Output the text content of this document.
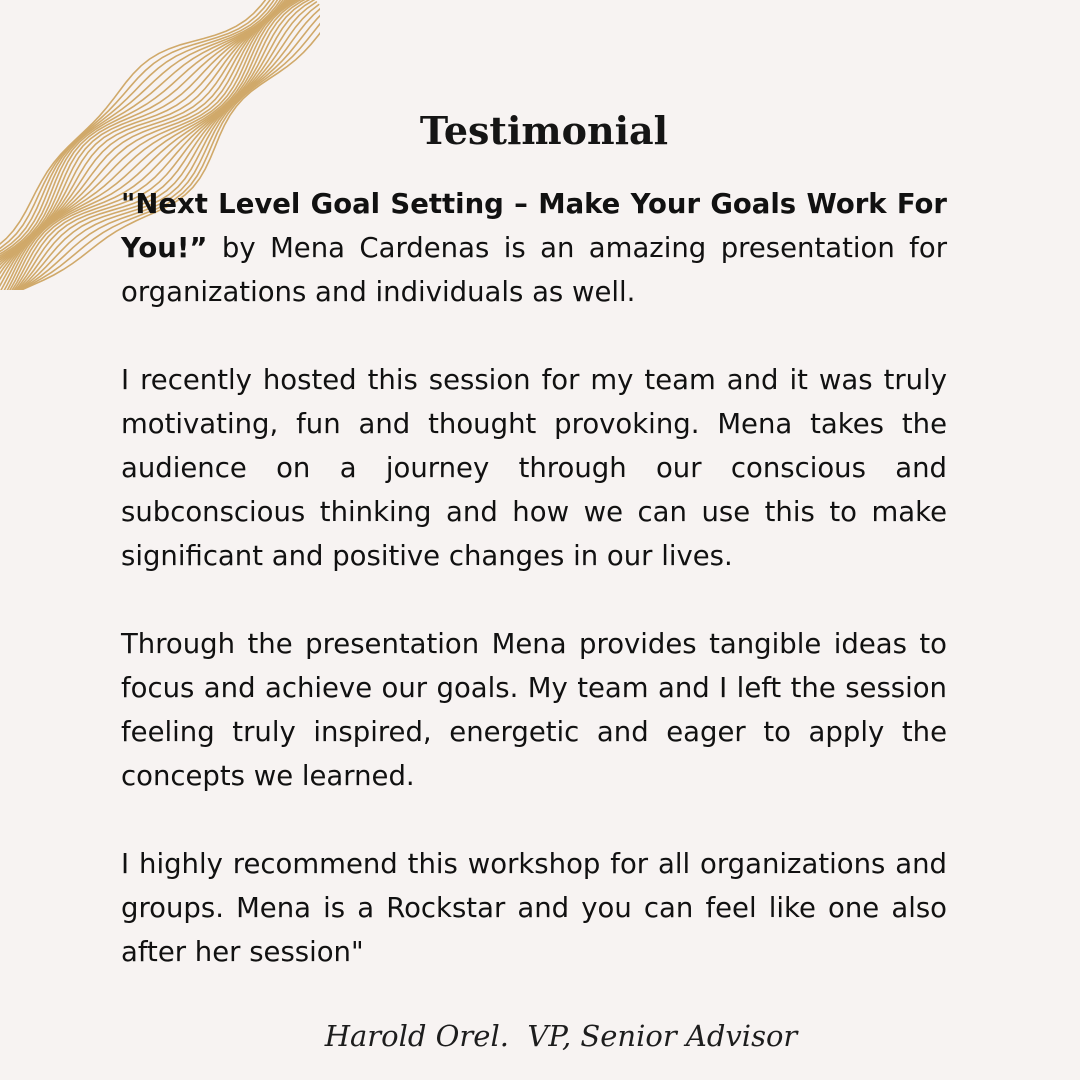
Testimonial

"Next Level Goal Setting – Make Your Goals Work For You!” by Mena Cardenas is an amazing presentation for organizations and individuals as well.

I recently hosted this session for my team and it was truly motivating, fun and thought provoking. Mena takes the audience on a journey through our conscious and subconscious thinking and how we can use this to make significant and positive changes in our lives.

Through the presentation Mena provides tangible ideas to focus and achieve our goals. My team and I left the session feeling truly inspired, energetic and eager to apply the concepts we learned.

I highly recommend this workshop for all organizations and groups. Mena is a Rockstar and you can feel like one also after her session"

Harold Orel.  VP, Senior Advisor
